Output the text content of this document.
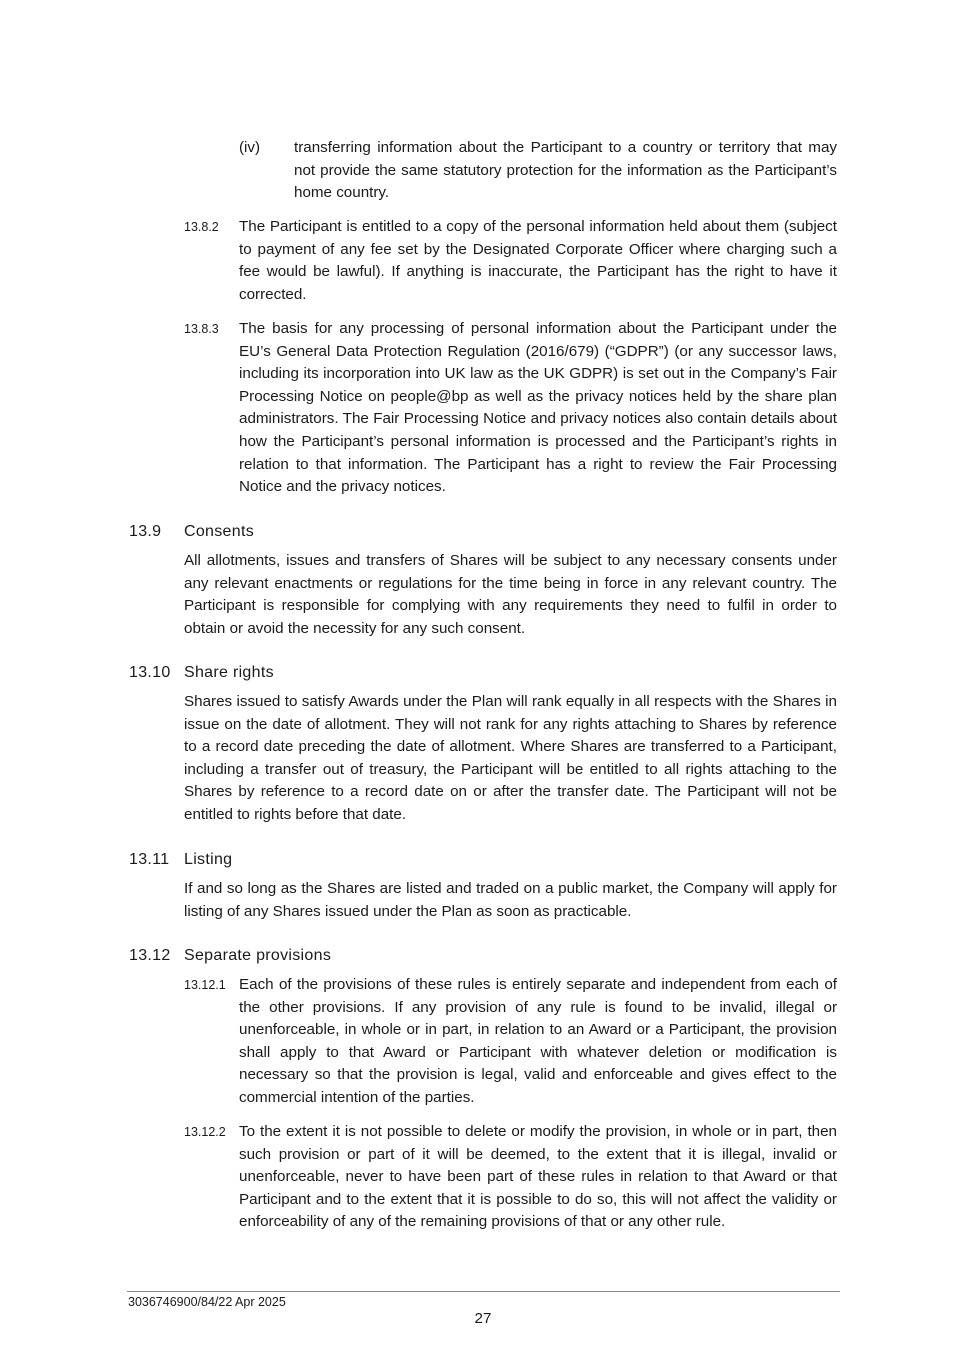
(iv) transferring information about the Participant to a country or territory that may not provide the same statutory protection for the information as the Participant’s home country.

13.8.2 The Participant is entitled to a copy of the personal information held about them (subject to payment of any fee set by the Designated Corporate Officer where charging such a fee would be lawful). If anything is inaccurate, the Participant has the right to have it corrected.

13.8.3 The basis for any processing of personal information about the Participant under the EU’s General Data Protection Regulation (2016/679) (“GDPR”) (or any successor laws, including its incorporation into UK law as the UK GDPR) is set out in the Company’s Fair Processing Notice on people@bp as well as the privacy notices held by the share plan administrators. The Fair Processing Notice and privacy notices also contain details about how the Participant’s personal information is processed and the Participant’s rights in relation to that information. The Participant has a right to review the Fair Processing Notice and the privacy notices.

13.9 Consents

All allotments, issues and transfers of Shares will be subject to any necessary consents under any relevant enactments or regulations for the time being in force in any relevant country. The Participant is responsible for complying with any requirements they need to fulfil in order to obtain or avoid the necessity for any such consent.

13.10 Share rights

Shares issued to satisfy Awards under the Plan will rank equally in all respects with the Shares in issue on the date of allotment. They will not rank for any rights attaching to Shares by reference to a record date preceding the date of allotment. Where Shares are transferred to a Participant, including a transfer out of treasury, the Participant will be entitled to all rights attaching to the Shares by reference to a record date on or after the transfer date. The Participant will not be entitled to rights before that date.

13.11 Listing

If and so long as the Shares are listed and traded on a public market, the Company will apply for listing of any Shares issued under the Plan as soon as practicable.

13.12 Separate provisions
13.12.1 Each of the provisions of these rules is entirely separate and independent from each of the other provisions. If any provision of any rule is found to be invalid, illegal or unenforceable, in whole or in part, in relation to an Award or a Participant, the provision shall apply to that Award or Participant with whatever deletion or modification is necessary so that the provision is legal, valid and enforceable and gives effect to the commercial intention of the parties.

13.12.2 To the extent it is not possible to delete or modify the provision, in whole or in part, then such provision or part of it will be deemed, to the extent that it is illegal, invalid or unenforceable, never to have been part of these rules in relation to that Award or that Participant and to the extent that it is possible to do so, this will not affect the validity or enforceability of any of the remaining provisions of that or any other rule.

3036746900/84/22 Apr 2025
27
